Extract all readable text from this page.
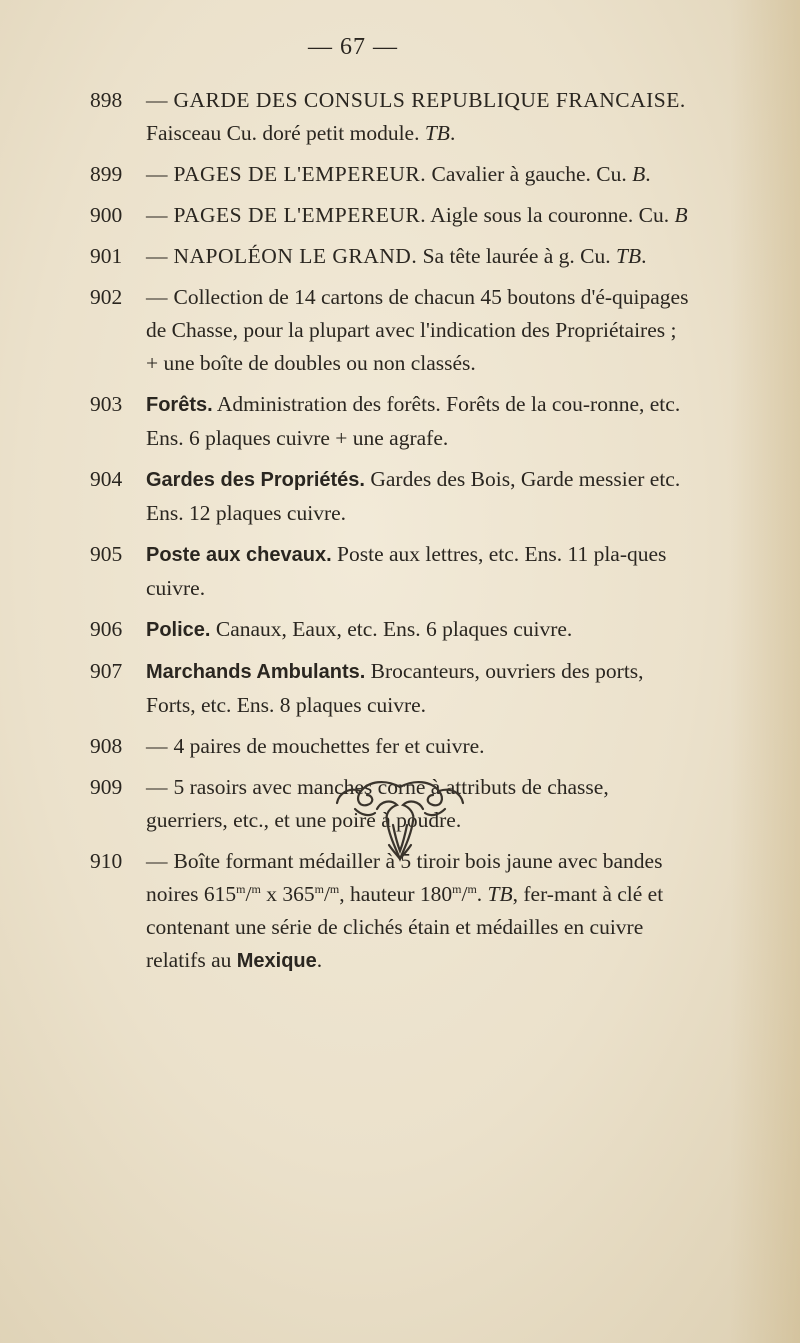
— 67 —
898	— GARDE DES CONSULS REPUBLIQUE FRANCAISE. Faisceau Cu. doré petit module. TB.
899	— PAGES DE L'EMPEREUR. Cavalier à gauche. Cu. B.
900	— PAGES DE L'EMPEREUR. Aigle sous la couronne. Cu. B
901	— NAPOLÉON LE GRAND. Sa tête laurée à g. Cu. TB.
902	— Collection de 14 cartons de chacun 45 boutons d'é-quipages de Chasse, pour la plupart avec l'indication des Propriétaires ; + une boîte de doubles ou non classés.
903	Forêts. Administration des forêts. Forêts de la cou-ronne, etc. Ens. 6 plaques cuivre + une agrafe.
904	Gardes des Propriétés. Gardes des Bois, Garde messier etc. Ens. 12 plaques cuivre.
905	Poste aux chevaux. Poste aux lettres, etc. Ens. 11 pla-ques cuivre.
906	Police. Canaux, Eaux, etc. Ens. 6 plaques cuivre.
907	Marchands Ambulants. Brocanteurs, ouvriers des ports, Forts, etc. Ens. 8 plaques cuivre.
908	— 4 paires de mouchettes fer et cuivre.
909	— 5 rasoirs avec manches corne à attributs de chasse, guerriers, etc., et une poire à poudre.
910	— Boîte formant médailler à 5 tiroir bois jaune avec bandes noires 615$^m$/$^m$ x 365$^m$/$^m$, hauteur 180$^m$/$^m$. TB, fer-mant à clé et contenant une série de clichés étain et médailles en cuivre relatifs au Mexique.
